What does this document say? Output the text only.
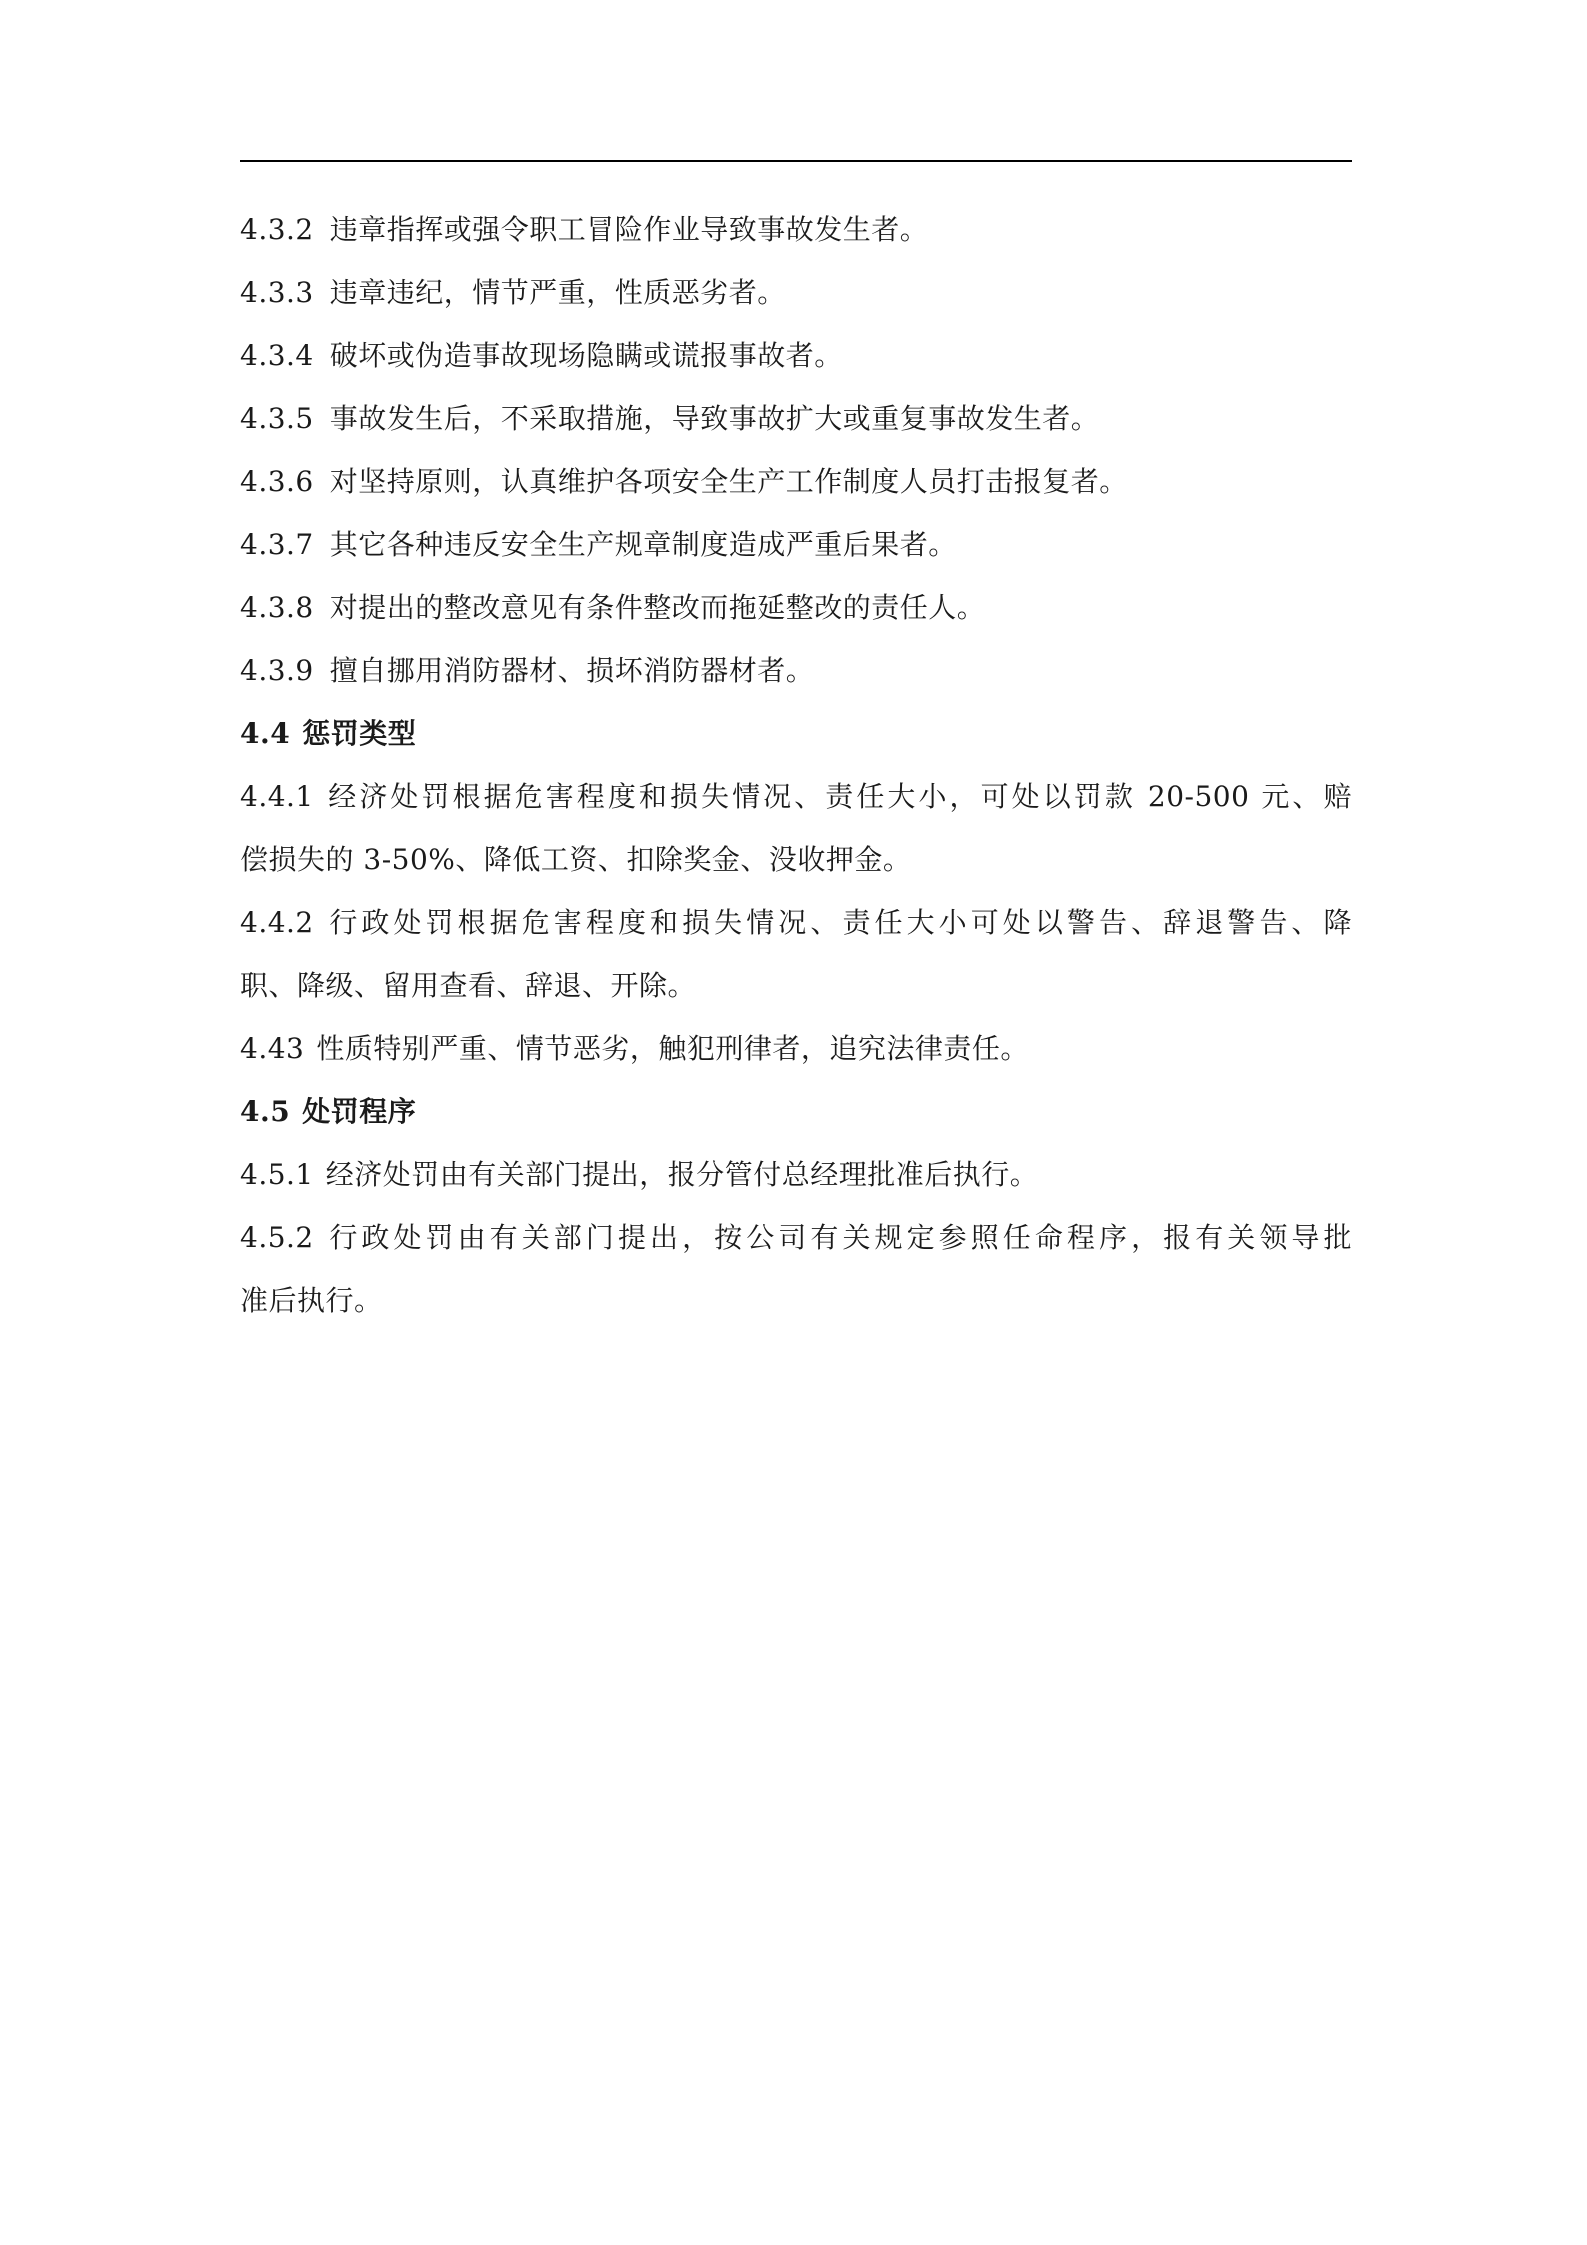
4.3.2 违章指挥或强令职工冒险作业导致事故发生者。
4.3.3 违章违纪，情节严重，性质恶劣者。
4.3.4 破坏或伪造事故现场隐瞒或谎报事故者。
4.3.5 事故发生后，不采取措施，导致事故扩大或重复事故发生者。
4.3.6 对坚持原则，认真维护各项安全生产工作制度人员打击报复者。
4.3.7 其它各种违反安全生产规章制度造成严重后果者。
4.3.8 对提出的整改意见有条件整改而拖延整改的责任人。
4.3.9 擅自挪用消防器材、损坏消防器材者。
4.4 惩罚类型
4.4.1 经济处罚根据危害程度和损失情况、责任大小，可处以罚款 20-500 元、赔
偿损失的 3-50%、降低工资、扣除奖金、没收押金。
4.4.2 行政处罚根据危害程度和损失情况、责任大小可处以警告、辞退警告、降
职、降级、留用查看、辞退、开除。
4.43 性质特别严重、情节恶劣，触犯刑律者，追究法律责任。
4.5 处罚程序
4.5.1 经济处罚由有关部门提出，报分管付总经理批准后执行。
4.5.2 行政处罚由有关部门提出，按公司有关规定参照任命程序，报有关领导批
准后执行。
